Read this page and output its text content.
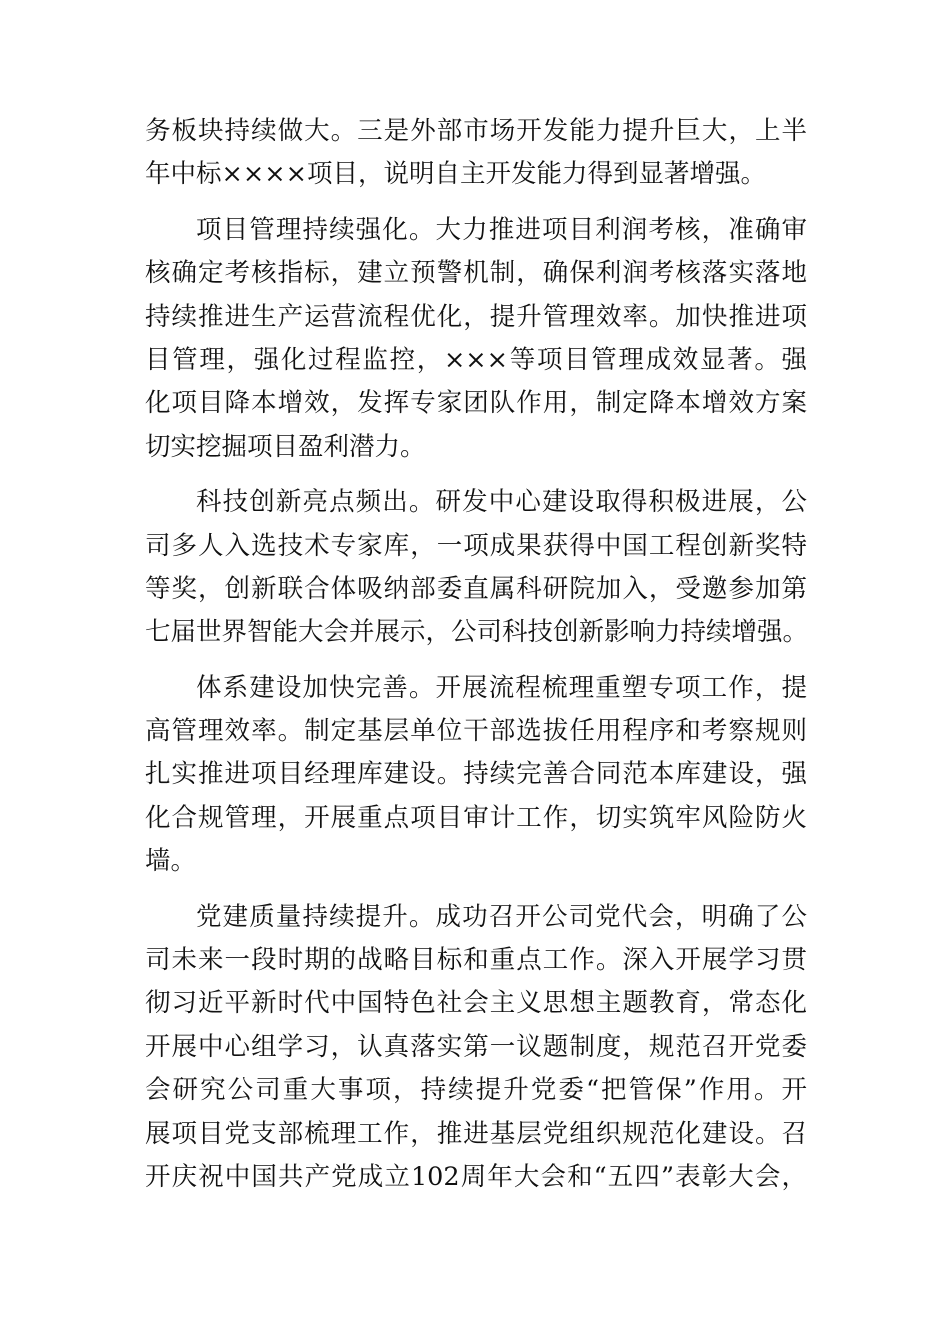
务板块持续做大。三是外部市场开发能力提升巨大，上半
年中标××××项目，说明自主开发能力得到显著增强。
项目管理持续强化。大力推进项目利润考核，准确审
核确定考核指标，建立预警机制，确保利润考核落实落地
持续推进生产运营流程优化，提升管理效率。加快推进项
目管理，强化过程监控，×××等项目管理成效显著。强
化项目降本增效，发挥专家团队作用，制定降本增效方案
切实挖掘项目盈利潜力。
科技创新亮点频出。研发中心建设取得积极进展，公
司多人入选技术专家库，一项成果获得中国工程创新奖特
等奖，创新联合体吸纳部委直属科研院加入，受邀参加第
七届世界智能大会并展示，公司科技创新影响力持续增强。
体系建设加快完善。开展流程梳理重塑专项工作，提
高管理效率。制定基层单位干部选拔任用程序和考察规则
扎实推进项目经理库建设。持续完善合同范本库建设，强
化合规管理，开展重点项目审计工作，切实筑牢风险防火
墙。
党建质量持续提升。成功召开公司党代会，明确了公
司未来一段时期的战略目标和重点工作。深入开展学习贯
彻习近平新时代中国特色社会主义思想主题教育，常态化
开展中心组学习，认真落实第一议题制度，规范召开党委
会研究公司重大事项，持续提升党委“把管保”作用。开
展项目党支部梳理工作，推进基层党组织规范化建设。召
开庆祝中国共产党成立102周年大会和“五四”表彰大会，
